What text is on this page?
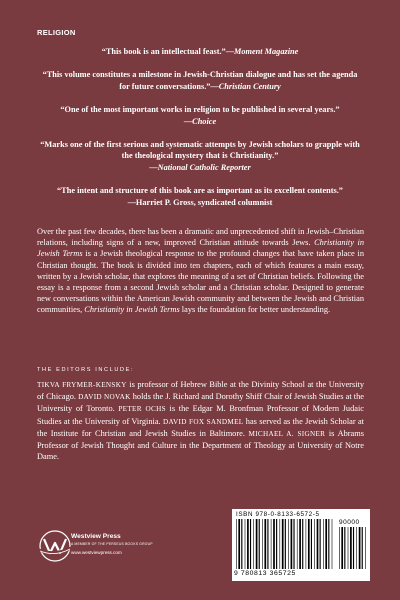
RELIGION

“This book is an intellectual feast.”—Moment Magazine

“This volume constitutes a milestone in Jewish-Christian dialogue and has set the agenda for future conversations.”—Christian Century

“One of the most important works in religion to be published in several years.”
—Choice

“Marks one of the first serious and systematic attempts by Jewish scholars to grapple with the theological mystery that is Christianity.”
—National Catholic Reporter

“The intent and structure of this book are as important as its excellent contents.”
—Harriet P. Gross, syndicated columnist

Over the past few decades, there has been a dramatic and unprecedented shift in Jewish–Christian relations, including signs of a new, improved Christian attitude towards Jews. Christianity in Jewish Terms is a Jewish theological response to the profound changes that have taken place in Christian thought. The book is divided into ten chapters, each of which features a main essay, written by a Jewish scholar, that explores the meaning of a set of Christian beliefs. Following the essay is a response from a second Jewish scholar and a Christian scholar. Designed to generate new conversations within the American Jewish community and between the Jewish and Christian communities, Christianity in Jewish Terms lays the foundation for better understanding.
THE EDITORS INCLUDE:
TIKVA FRYMER-KENSKY is professor of Hebrew Bible at the Divinity School at the University of Chicago. DAVID NOVAK holds the J. Richard and Dorothy Shiff Chair of Jewish Studies at the University of Toronto. PETER OCHS is the Edgar M. Bronfman Professor of Modern Judaic Studies at the University of Virginia. DAVID FOX SANDMEL has served as the Jewish Scholar at the Institute for Christian and Jewish Studies in Baltimore. MICHAEL A. SIGNER is Abrams Professor of Jewish Thought and Culture in the Department of Theology at University of Notre Dame.
Westview Press
A MEMBER OF THE PERSEUS BOOKS GROUP
www.westviewpress.com
ISBN 978-0-8133-6572-5
90000
9 780813 365725
